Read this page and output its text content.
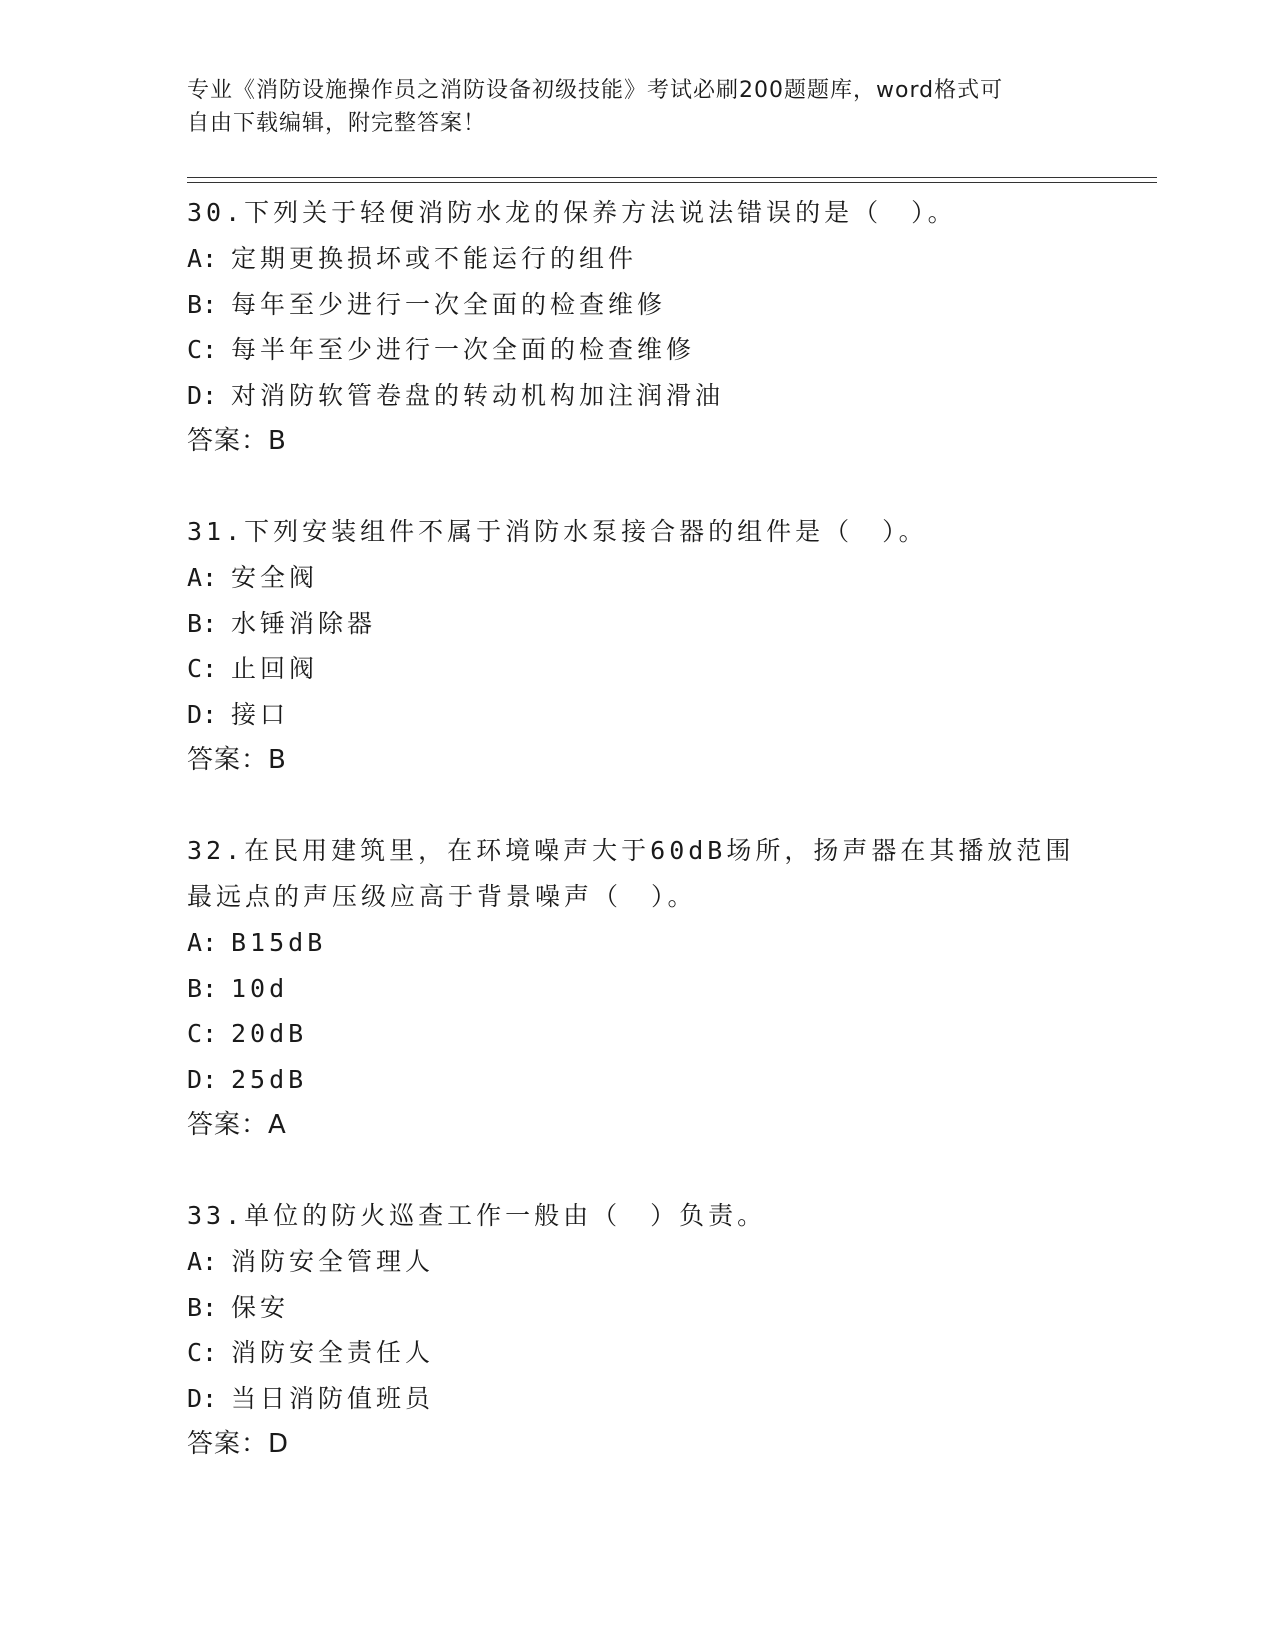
专业《消防设施操作员之消防设备初级技能》考试必刷200题题库，word格式可
自由下载编辑，附完整答案！
30.下列关于轻便消防水龙的保养方法说法错误的是（　）。
A: 定期更换损坏或不能运行的组件
B: 每年至少进行一次全面的检查维修
C: 每半年至少进行一次全面的检查维修
D: 对消防软管卷盘的转动机构加注润滑油
答案：B
31.下列安装组件不属于消防水泵接合器的组件是（　）。
A: 安全阀
B: 水锤消除器
C: 止回阀
D: 接口
答案：B
32.在民用建筑里，在环境噪声大于60dB场所，扬声器在其播放范围
最远点的声压级应高于背景噪声（　）。
A: B15dB
B: 10d
C: 20dB
D: 25dB
答案：A
33.单位的防火巡查工作一般由（　）负责。
A: 消防安全管理人
B: 保安
C: 消防安全责任人
D: 当日消防值班员
答案：D
